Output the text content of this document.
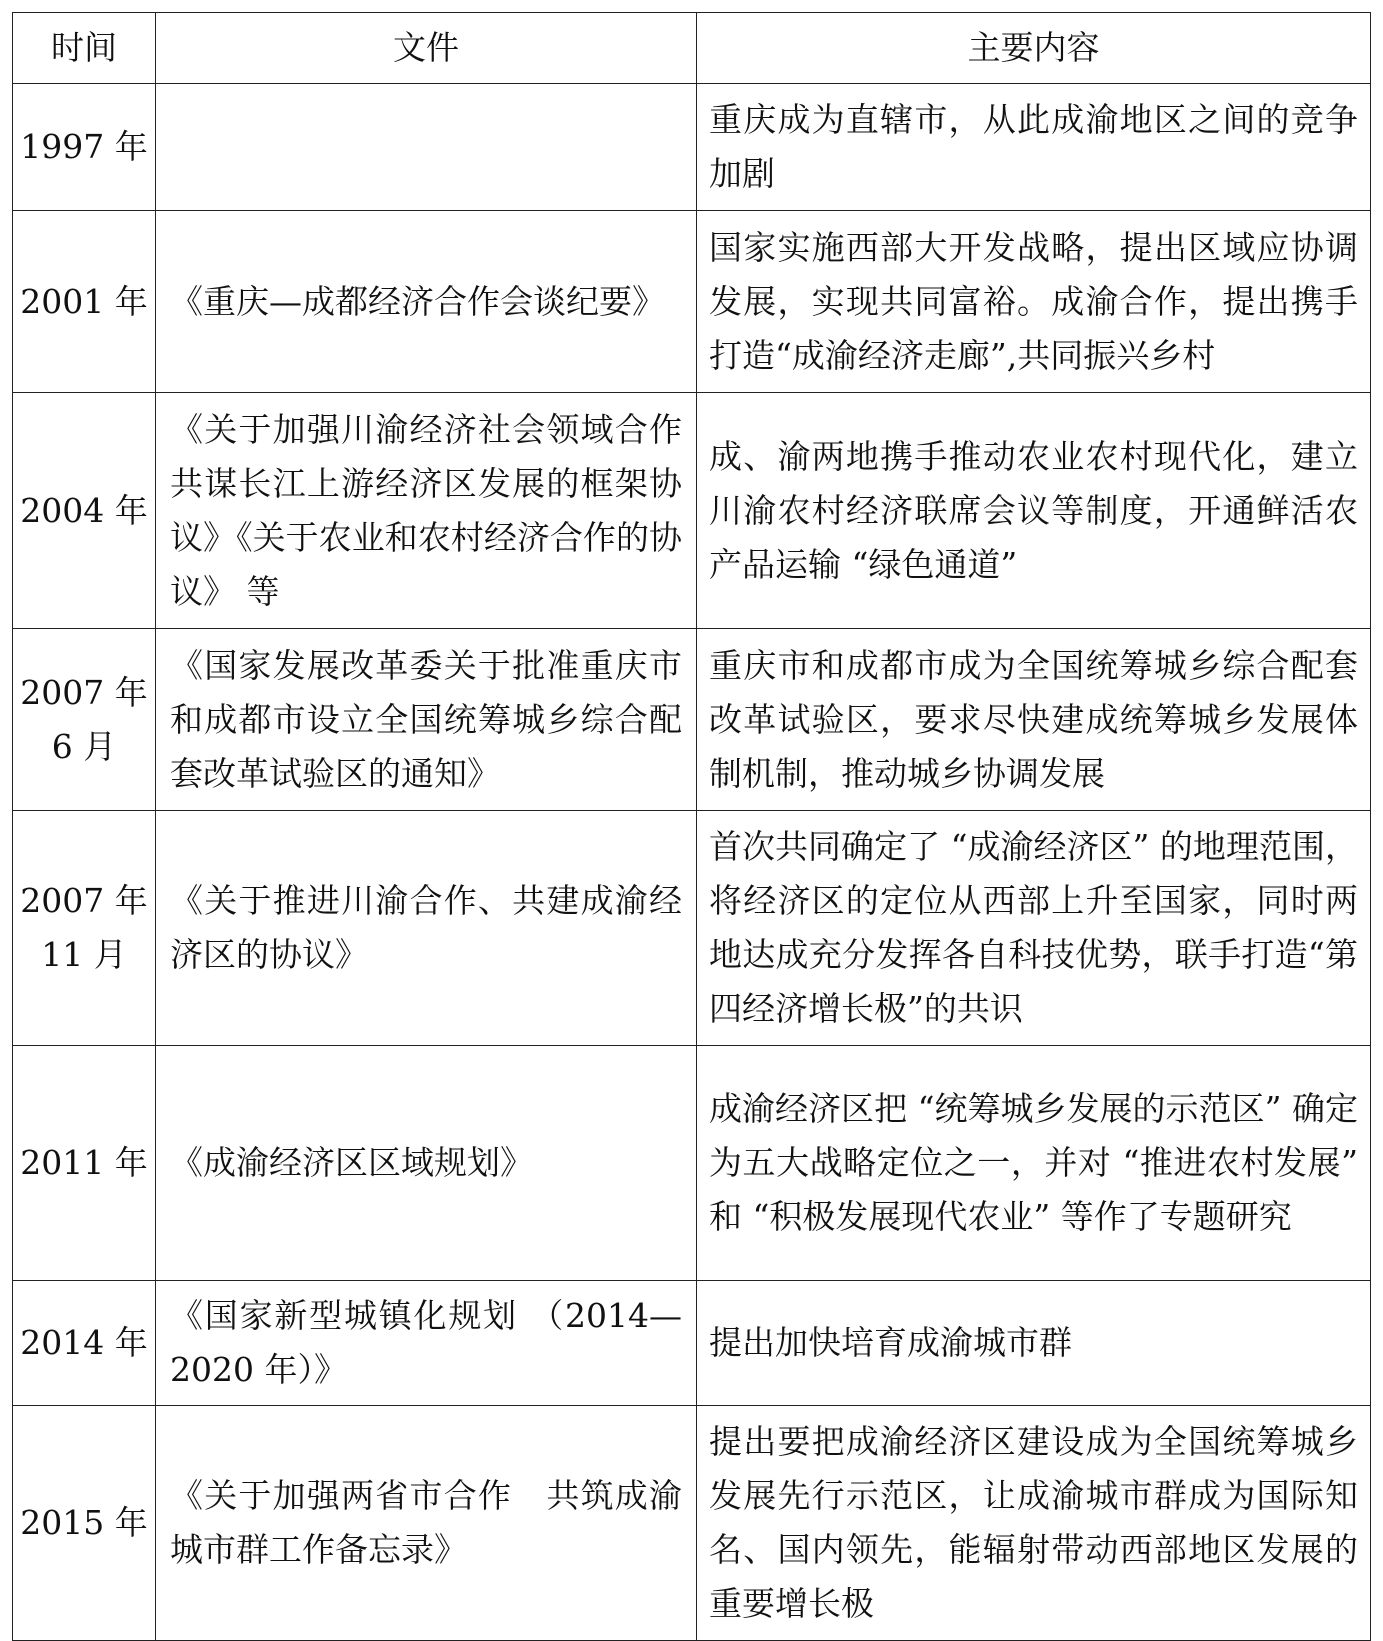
时间	文件	主要内容
1997 年		重庆成为直辖市，从此成渝地区之间的竞争加剧
2001 年	《重庆—成都经济合作会谈纪要》	国家实施西部大开发战略，提出区域应协调发展，实现共同富裕。成渝合作，提出携手打造“成渝经济走廊”,共同振兴乡村
2004 年	《关于加强川渝经济社会领域合作共谋长江上游经济区发展的框架协议》《关于农业和农村经济合作的协议》 等	成、渝两地携手推动农业农村现代化，建立川渝农村经济联席会议等制度，开通鲜活农产品运输 “绿色通道”
2007 年 6 月	《国家发展改革委关于批准重庆市和成都市设立全国统筹城乡综合配套改革试验区的通知》	重庆市和成都市成为全国统筹城乡综合配套改革试验区，要求尽快建成统筹城乡发展体制机制，推动城乡协调发展
2007 年 11 月	《关于推进川渝合作、共建成渝经济区的协议》	首次共同确定了 “成渝经济区” 的地理范围，将经济区的定位从西部上升至国家，同时两地达成充分发挥各自科技优势，联手打造“第四经济增长极”的共识
2011 年	《成渝经济区区域规划》	成渝经济区把 “统筹城乡发展的示范区” 确定为五大战略定位之一，并对 “推进农村发展” 和 “积极发展现代农业” 等作了专题研究
2014 年	《国家新型城镇化规划 （2014—2020 年）》	提出加快培育成渝城市群
2015 年	《关于加强两省市合作　共筑成渝城市群工作备忘录》	提出要把成渝经济区建设成为全国统筹城乡发展先行示范区，让成渝城市群成为国际知名、国内领先，能辐射带动西部地区发展的重要增长极
